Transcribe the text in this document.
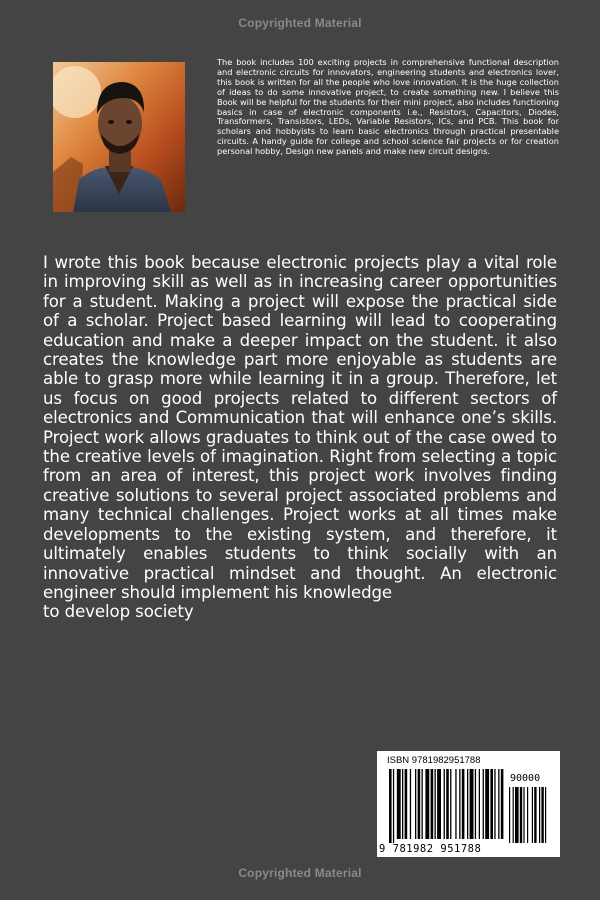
Copyrighted Material
The book includes 100 exciting projects in comprehensive functional description and electronic circuits for innovators, engineering students and electronics lover, this book is written for all the people who love innovation. It is the huge collection of ideas to do some innovative project, to create something new. I believe this Book will be helpful for the students for their mini project, also includes functioning basics in case of electronic components i.e., Resistors, Capacitors, Diodes, Transformers, Transistors, LEDs, Variable Resistors, ICs, and PCB. This book for scholars and hobbyists to learn basic electronics through practical presentable circuits. A handy guide for college and school science fair projects or for creation personal hobby, Design new panels and make new circuit designs.
I wrote this book because electronic projects play a vital role in improving skill as well as in increasing career opportunities for a student. Making a project will expose the practical side of a scholar. Project based learning will lead to cooperating education and make a deeper impact on the student. it also creates the knowledge part more enjoyable as students are able to grasp more while learning it in a group. Therefore, let us focus on good projects related to different sectors of electronics and Communication that will enhance one’s skills. Project work allows graduates to think out of the case owed to the creative levels of imagination. Right from selecting a topic from an area of interest, this project work involves finding creative solutions to several project associated problems and many technical challenges. Project works at all times make developments to the existing system, and therefore, it ultimately enables students to think socially with an innovative practical mindset and thought. An electronic engineer should implement his knowledge
to develop society
ISBN 9781982951788
90000
9 781982 951788
Copyrighted Material
